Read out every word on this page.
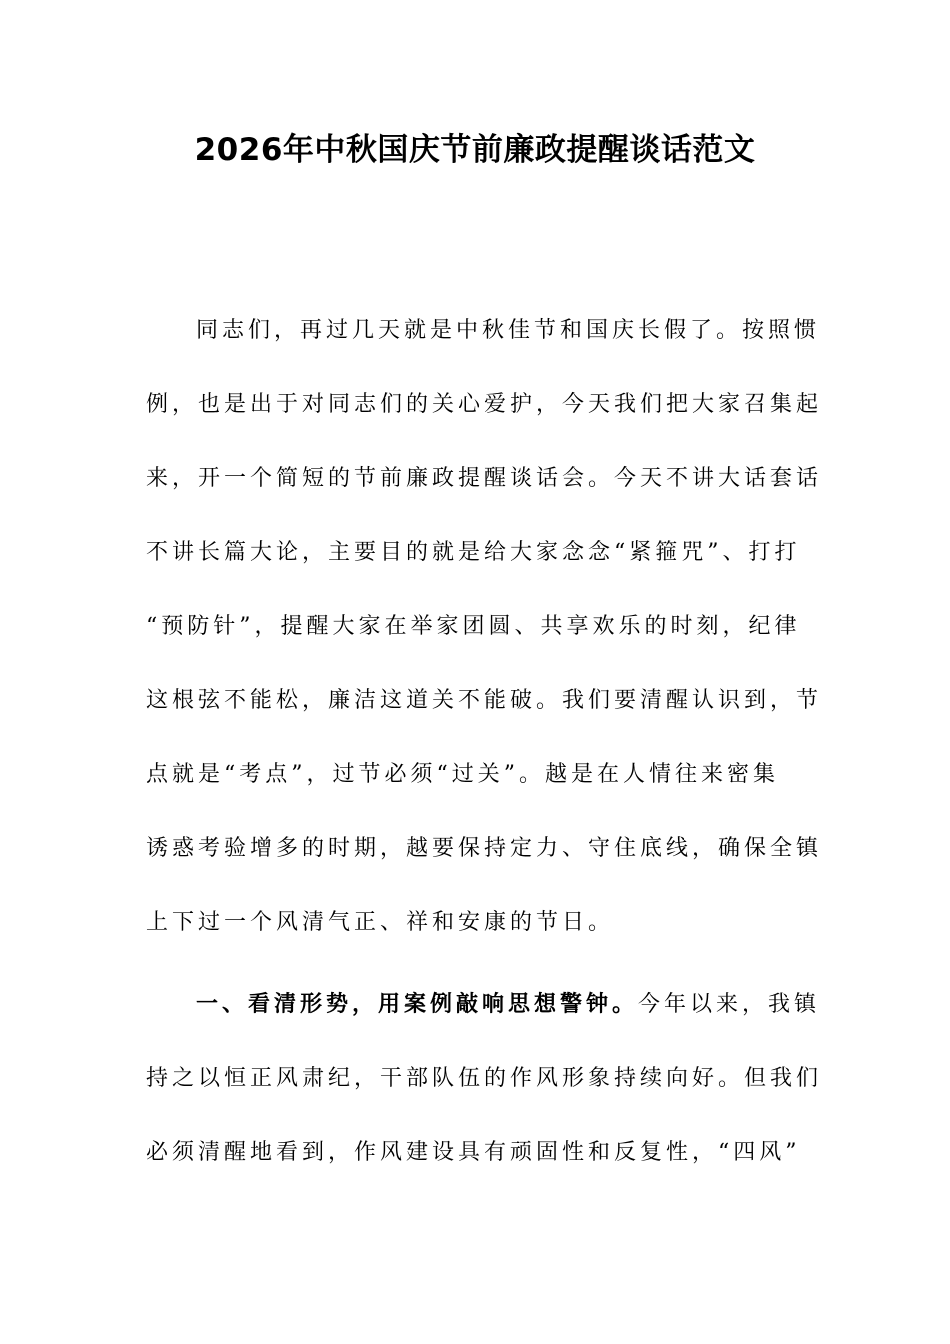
2026年中秋国庆节前廉政提醒谈话范文
同志们，再过几天就是中秋佳节和国庆长假了。按照惯
例，也是出于对同志们的关心爱护，今天我们把大家召集起
来，开一个简短的节前廉政提醒谈话会。今天不讲大话套话
不讲长篇大论，主要目的就是给大家念念“紧箍咒”、打打
“预防针”，提醒大家在举家团圆、共享欢乐的时刻，纪律
这根弦不能松，廉洁这道关不能破。我们要清醒认识到，节
点就是“考点”，过节必须“过关”。越是在人情往来密集
诱惑考验增多的时期，越要保持定力、守住底线，确保全镇
上下过一个风清气正、祥和安康的节日。
一、看清形势，用案例敲响思想警钟。今年以来，我镇
持之以恒正风肃纪，干部队伍的作风形象持续向好。但我们
必须清醒地看到，作风建设具有顽固性和反复性，“四风”
